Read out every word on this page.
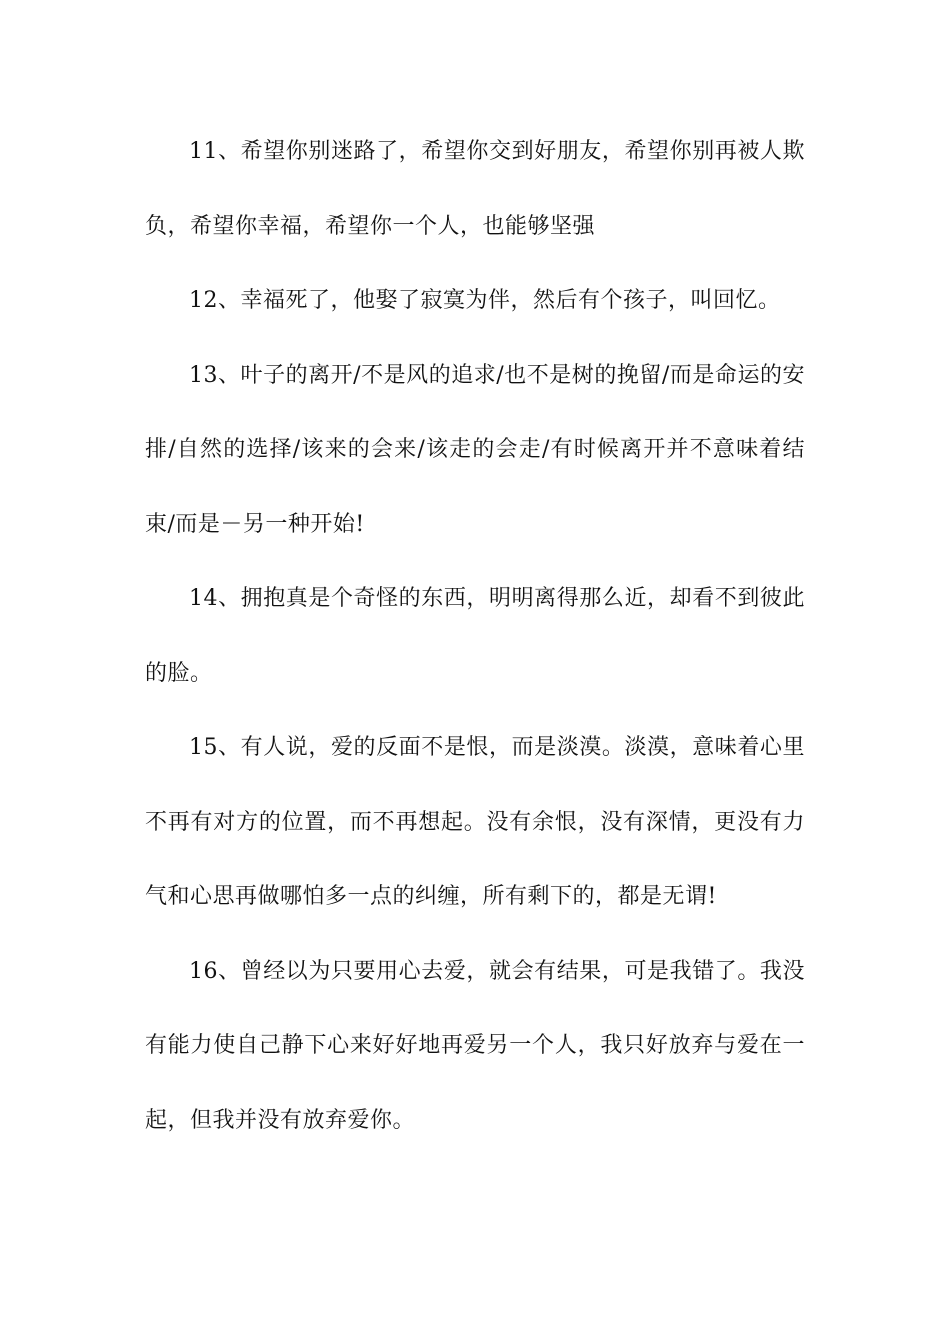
11、希望你别迷路了，希望你交到好朋友，希望你别再被人欺负，希望你幸福，希望你一个人，也能够坚强

12、幸福死了，他娶了寂寞为伴，然后有个孩子，叫回忆。

13、叶子的离开/不是风的追求/也不是树的挽留/而是命运的安排/自然的选择/该来的会来/该走的会走/有时候离开并不意味着结束/而是－另一种开始!

14、拥抱真是个奇怪的东西，明明离得那么近，却看不到彼此的脸。

15、有人说，爱的反面不是恨，而是淡漠。淡漠，意味着心里不再有对方的位置，而不再想起。没有余恨，没有深情，更没有力气和心思再做哪怕多一点的纠缠，所有剩下的，都是无谓!

16、曾经以为只要用心去爱，就会有结果，可是我错了。我没有能力使自己静下心来好好地再爱另一个人，我只好放弃与爱在一起，但我并没有放弃爱你。
